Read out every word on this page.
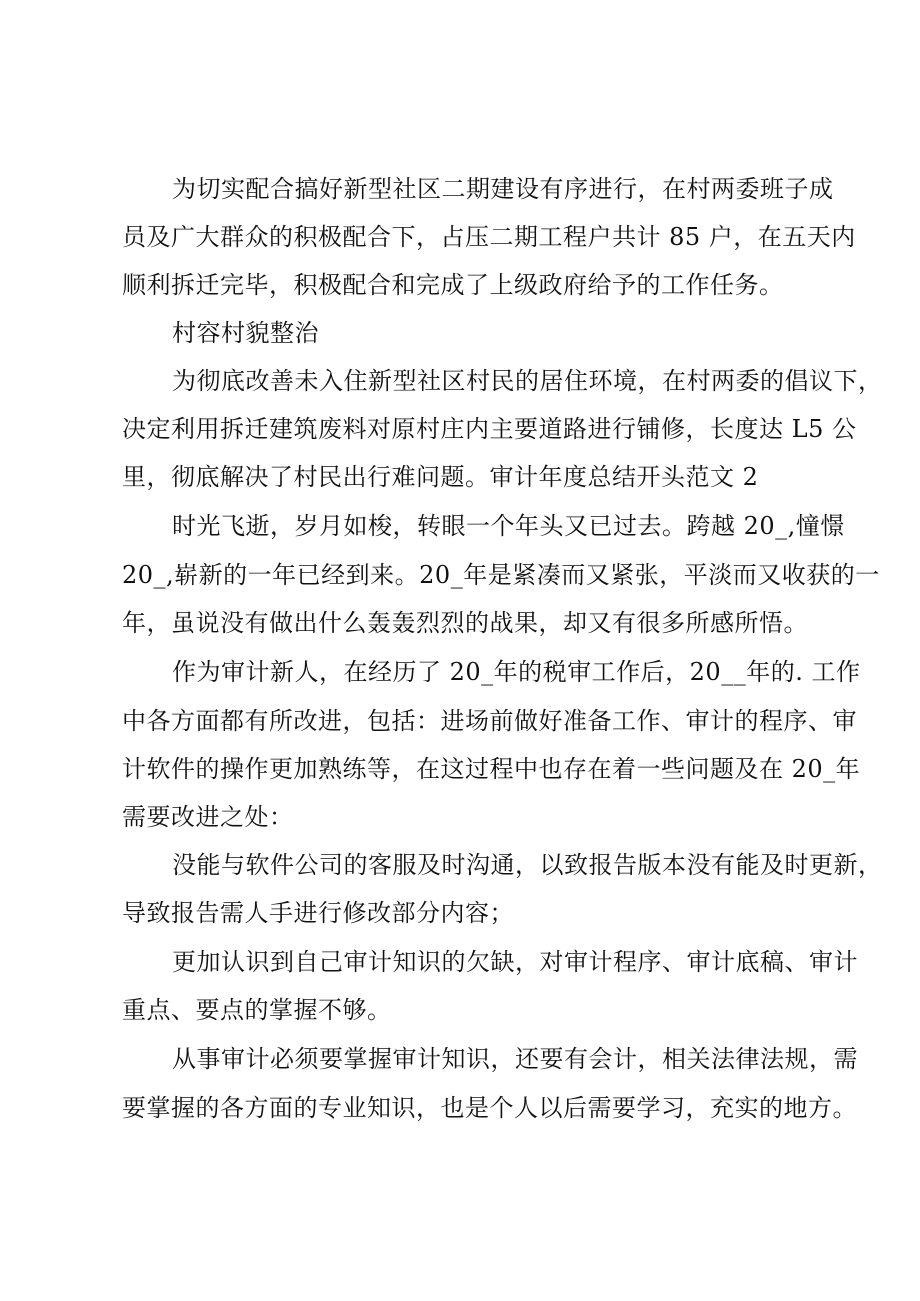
为切实配合搞好新型社区二期建设有序进行，在村两委班子成
员及广大群众的积极配合下，占压二期工程户共计 85 户，在五天内
顺利拆迁完毕，积极配合和完成了上级政府给予的工作任务。
村容村貌整治
为彻底改善未入住新型社区村民的居住环境，在村两委的倡议下，
决定利用拆迁建筑废料对原村庄内主要道路进行铺修，长度达 L5 公
里，彻底解决了村民出行难问题。审计年度总结开头范文 2
时光飞逝，岁月如梭，转眼一个年头又已过去。跨越 20_,憧憬
20_,崭新的一年已经到来。20_年是紧凑而又紧张，平淡而又收获的一
年，虽说没有做出什么轰轰烈烈的战果，却又有很多所感所悟。
作为审计新人，在经历了 20_年的税审工作后，20__年的. 工作
中各方面都有所改进，包括：进场前做好准备工作、审计的程序、审
计软件的操作更加熟练等，在这过程中也存在着一些问题及在 20_年
需要改进之处：
没能与软件公司的客服及时沟通，以致报告版本没有能及时更新，
导致报告需人手进行修改部分内容；
更加认识到自己审计知识的欠缺，对审计程序、审计底稿、审计
重点、要点的掌握不够。
从事审计必须要掌握审计知识，还要有会计，相关法律法规，需
要掌握的各方面的专业知识，也是个人以后需要学习，充实的地方。
